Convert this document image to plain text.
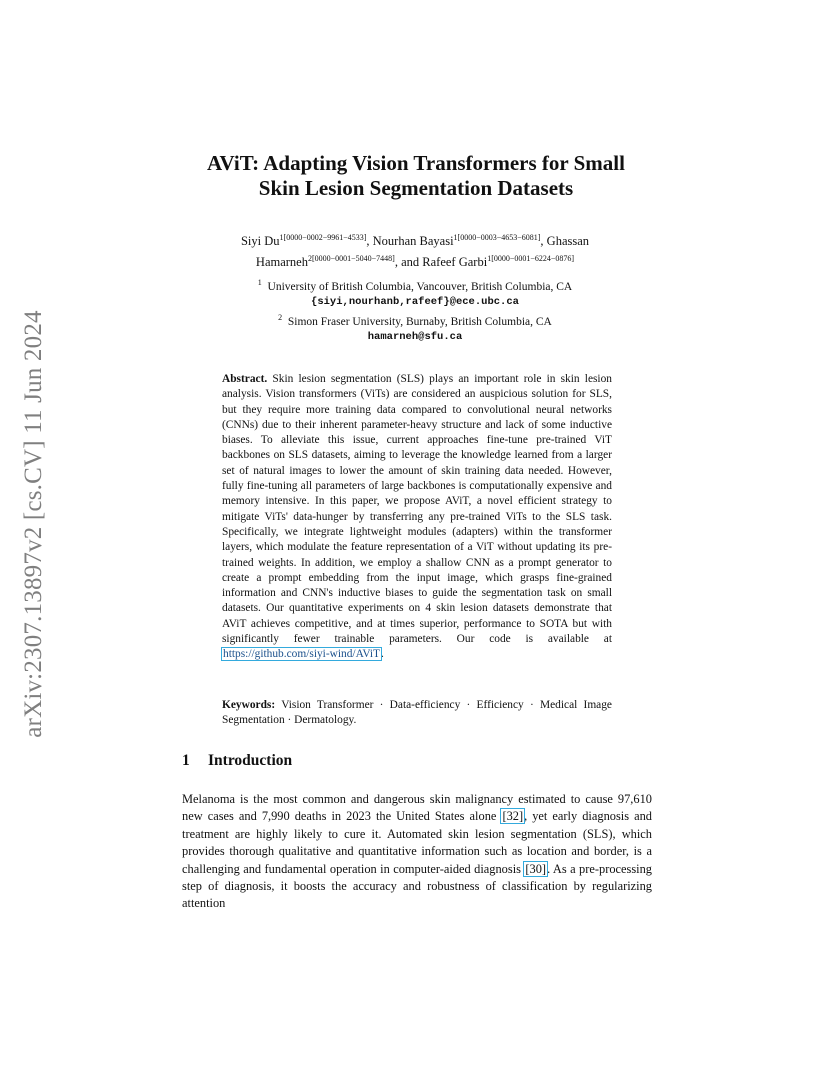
arXiv:2307.13897v2 [cs.CV] 11 Jun 2024
AViT: Adapting Vision Transformers for Small
Skin Lesion Segmentation Datasets
Siyi $Du^{1[0000-0002-9961-4533]}$, Nourhan Bayasi$^{1[0000-0003-4653-6081]}$, Ghassan
Hamarneh$^{2[0000-0001-5040-7448]}$, and Rafeef Garbi$^{1[0000-0001-6224-0876]}$
$^1$ University of British Columbia, Vancouver, British Columbia, CA
{siyi,nourhanb,rafeef}@ece.ubc.ca
$^2$ Simon Fraser University, Burnaby, British Columbia, CA
hamarneh@sfu.ca
Abstract. Skin lesion segmentation (SLS) plays an important role in skin lesion analysis. Vision transformers (ViTs) are considered an auspicious solution for SLS, but they require more training data compared to convolutional neural networks (CNNs) due to their inherent parameter-heavy structure and lack of some inductive biases. To alleviate this issue, current approaches fine-tune pre-trained ViT backbones on SLS datasets, aiming to leverage the knowledge learned from a larger set of natural images to lower the amount of skin training data needed. However, fully fine-tuning all parameters of large backbones is computationally expensive and memory intensive. In this paper, we propose AViT, a novel efficient strategy to mitigate ViTs' data-hunger by transferring any pre-trained ViTs to the SLS task. Specifically, we integrate lightweight modules (adapters) within the transformer layers, which modulate the feature representation of a ViT without updating its pre-trained weights. In addition, we employ a shallow CNN as a prompt generator to create a prompt embedding from the input image, which grasps fine-grained information and CNN's inductive biases to guide the segmentation task on small datasets. Our quantitative experiments on 4 skin lesion datasets demonstrate that AViT achieves competitive, and at times superior, performance to SOTA but with significantly fewer trainable parameters. Our code is available at https://github.com/siyi-wind/AViT.
Keywords: Vision Transformer · Data-efficiency · Efficiency · Medical Image Segmentation · Dermatology.
1 Introduction
Melanoma is the most common and dangerous skin malignancy estimated to cause 97,610 new cases and 7,990 deaths in 2023 the United States alone [32], yet early diagnosis and treatment are highly likely to cure it. Automated skin lesion segmentation (SLS), which provides thorough qualitative and quantitative information such as location and border, is a challenging and fundamental operation in computer-aided diagnosis [30]. As a pre-processing step of diagnosis, it boosts the accuracy and robustness of classification by regularizing attention
